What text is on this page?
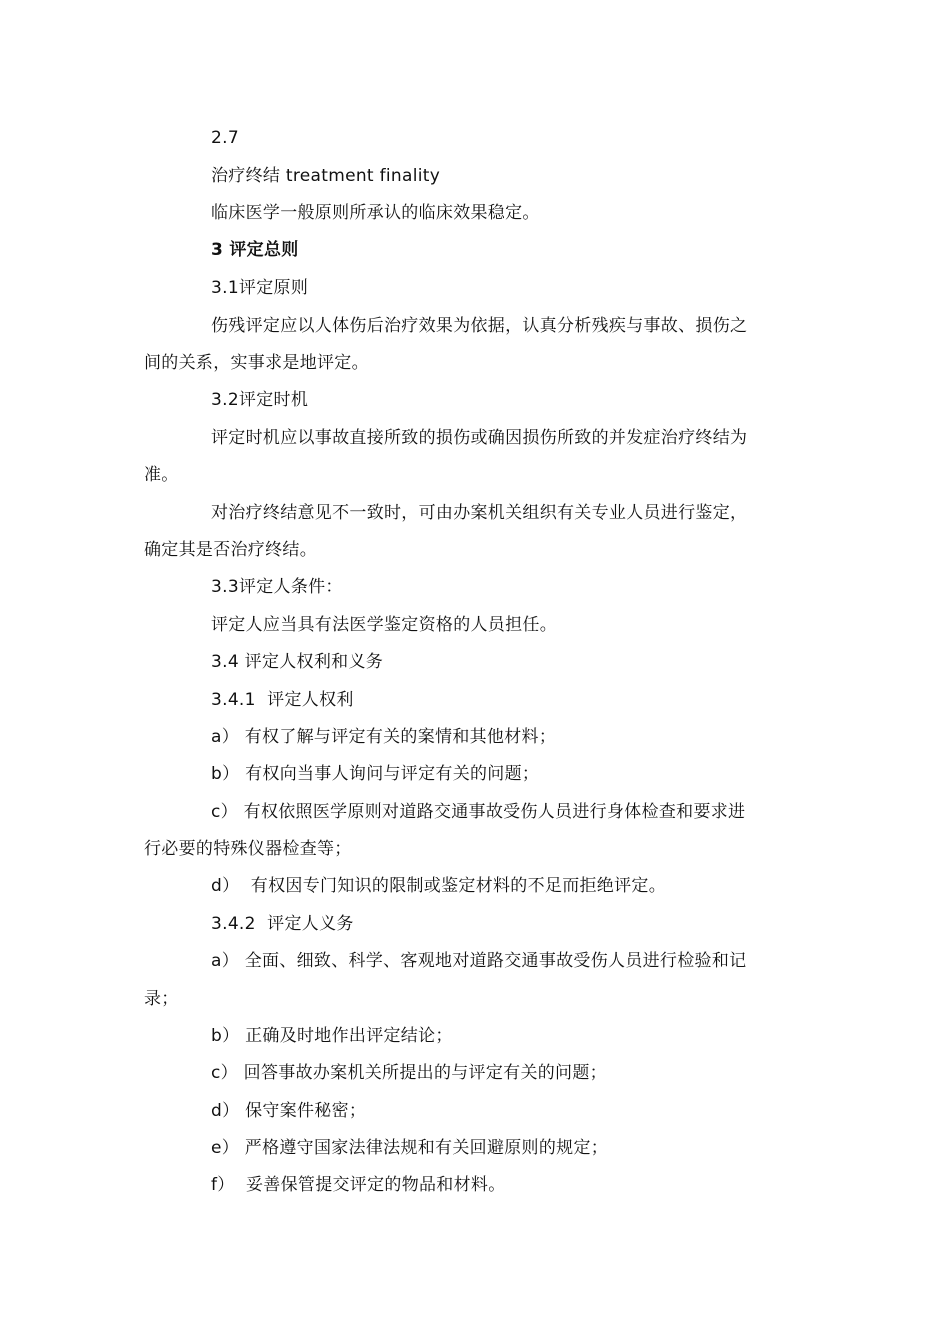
2.7
治疗终结 treatment finality
临床医学一般原则所承认的临床效果稳定。
3 评定总则
3.1评定原则
伤残评定应以人体伤后治疗效果为依据，认真分析残疾与事故、损伤之
间的关系，实事求是地评定。
3.2评定时机
评定时机应以事故直接所致的损伤或确因损伤所致的并发症治疗终结为
准。
对治疗终结意见不一致时，可由办案机关组织有关专业人员进行鉴定，
确定其是否治疗终结。
3.3评定人条件：
评定人应当具有法医学鉴定资格的人员担任。
3.4 评定人权利和义务
3.4.1  评定人权利
a） 有权了解与评定有关的案情和其他材料；
b） 有权向当事人询问与评定有关的问题；
c） 有权依照医学原则对道路交通事故受伤人员进行身体检查和要求进
行必要的特殊仪器检查等；
d）  有权因专门知识的限制或鉴定材料的不足而拒绝评定。
3.4.2  评定人义务
a） 全面、细致、科学、客观地对道路交通事故受伤人员进行检验和记
录；
b） 正确及时地作出评定结论；
c） 回答事故办案机关所提出的与评定有关的问题；
d） 保守案件秘密；
e） 严格遵守国家法律法规和有关回避原则的规定；
f）  妥善保管提交评定的物品和材料。
